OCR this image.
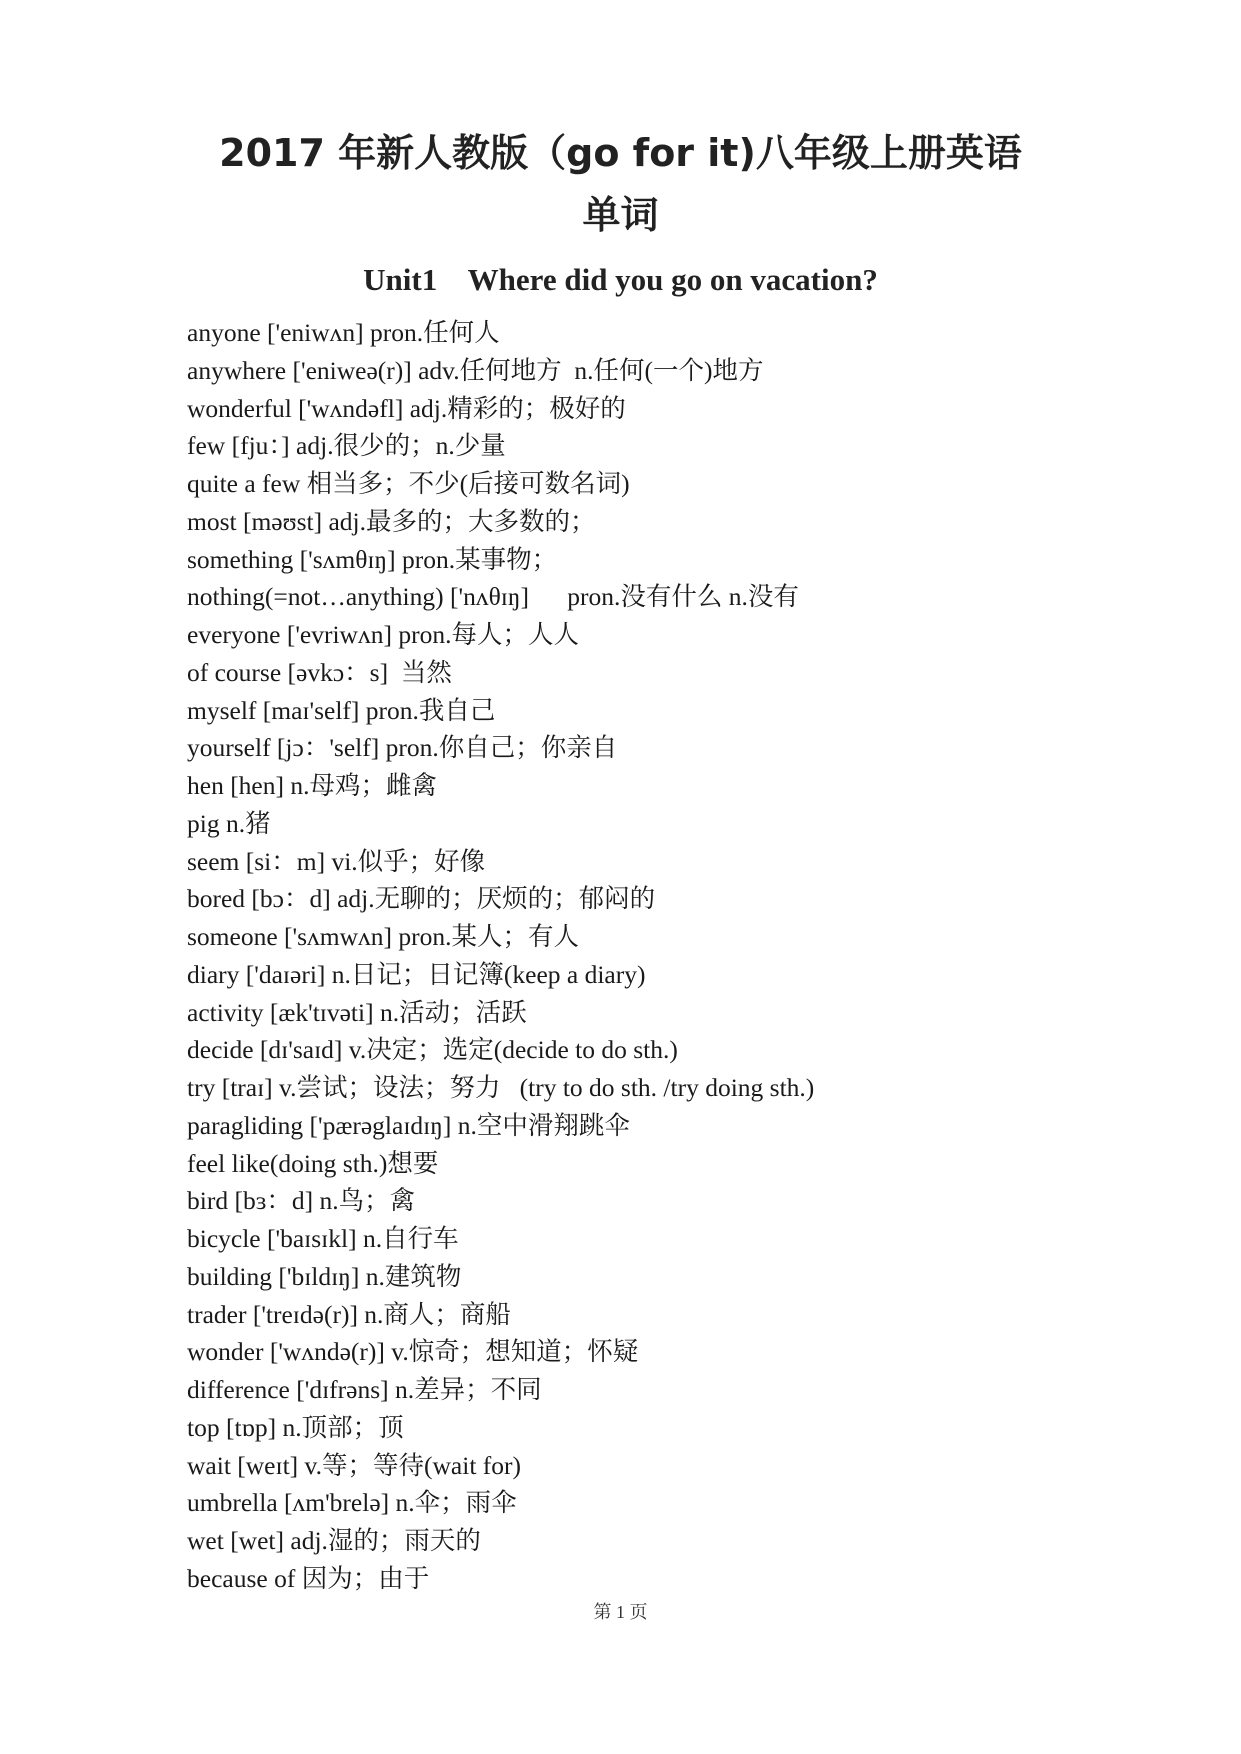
2017 年新人教版（go for it)八年级上册英语
单词
Unit1    Where did you go on vacation?
anyone ['eniwʌn] pron.任何人
anywhere ['eniweə(r)] adv.任何地方  n.任何(一个)地方
wonderful ['wʌndəfl] adj.精彩的；极好的
few [fju：] adj.很少的；n.少量
quite a few 相当多；不少(后接可数名词)
most [məʊst] adj.最多的；大多数的；
something ['sʌmθɪŋ] pron.某事物；
nothing(=not…anything) ['nʌθɪŋ]      pron.没有什么 n.没有
everyone ['evriwʌn] pron.每人；人人
of course [əvkɔ：s]  当然
myself [maɪ'self] pron.我自己
yourself [jɔ：'self] pron.你自己；你亲自
hen [hen] n.母鸡；雌禽
pig n.猪
seem [si：m] vi.似乎；好像
bored [bɔ：d] adj.无聊的；厌烦的；郁闷的
someone ['sʌmwʌn] pron.某人；有人
diary ['daɪəri] n.日记；日记簿(keep a diary)
activity [æk'tɪvəti] n.活动；活跃
decide [dɪ'saɪd] v.决定；选定(decide to do sth.)
try [traɪ] v.尝试；设法；努力   (try to do sth. /try doing sth.)
paragliding ['pærəglaɪdɪŋ] n.空中滑翔跳伞
feel like(doing sth.)想要
bird [bɜ：d] n.鸟；禽
bicycle ['baɪsɪkl] n.自行车
building ['bɪldɪŋ] n.建筑物
trader ['treɪdə(r)] n.商人；商船
wonder ['wʌndə(r)] v.惊奇；想知道；怀疑
difference ['dɪfrəns] n.差异；不同
top [tɒp] n.顶部；顶
wait [weɪt] v.等；等待(wait for)
umbrella [ʌm'brelə] n.伞；雨伞
wet [wet] adj.湿的；雨天的
because of 因为；由于
第 1 页
